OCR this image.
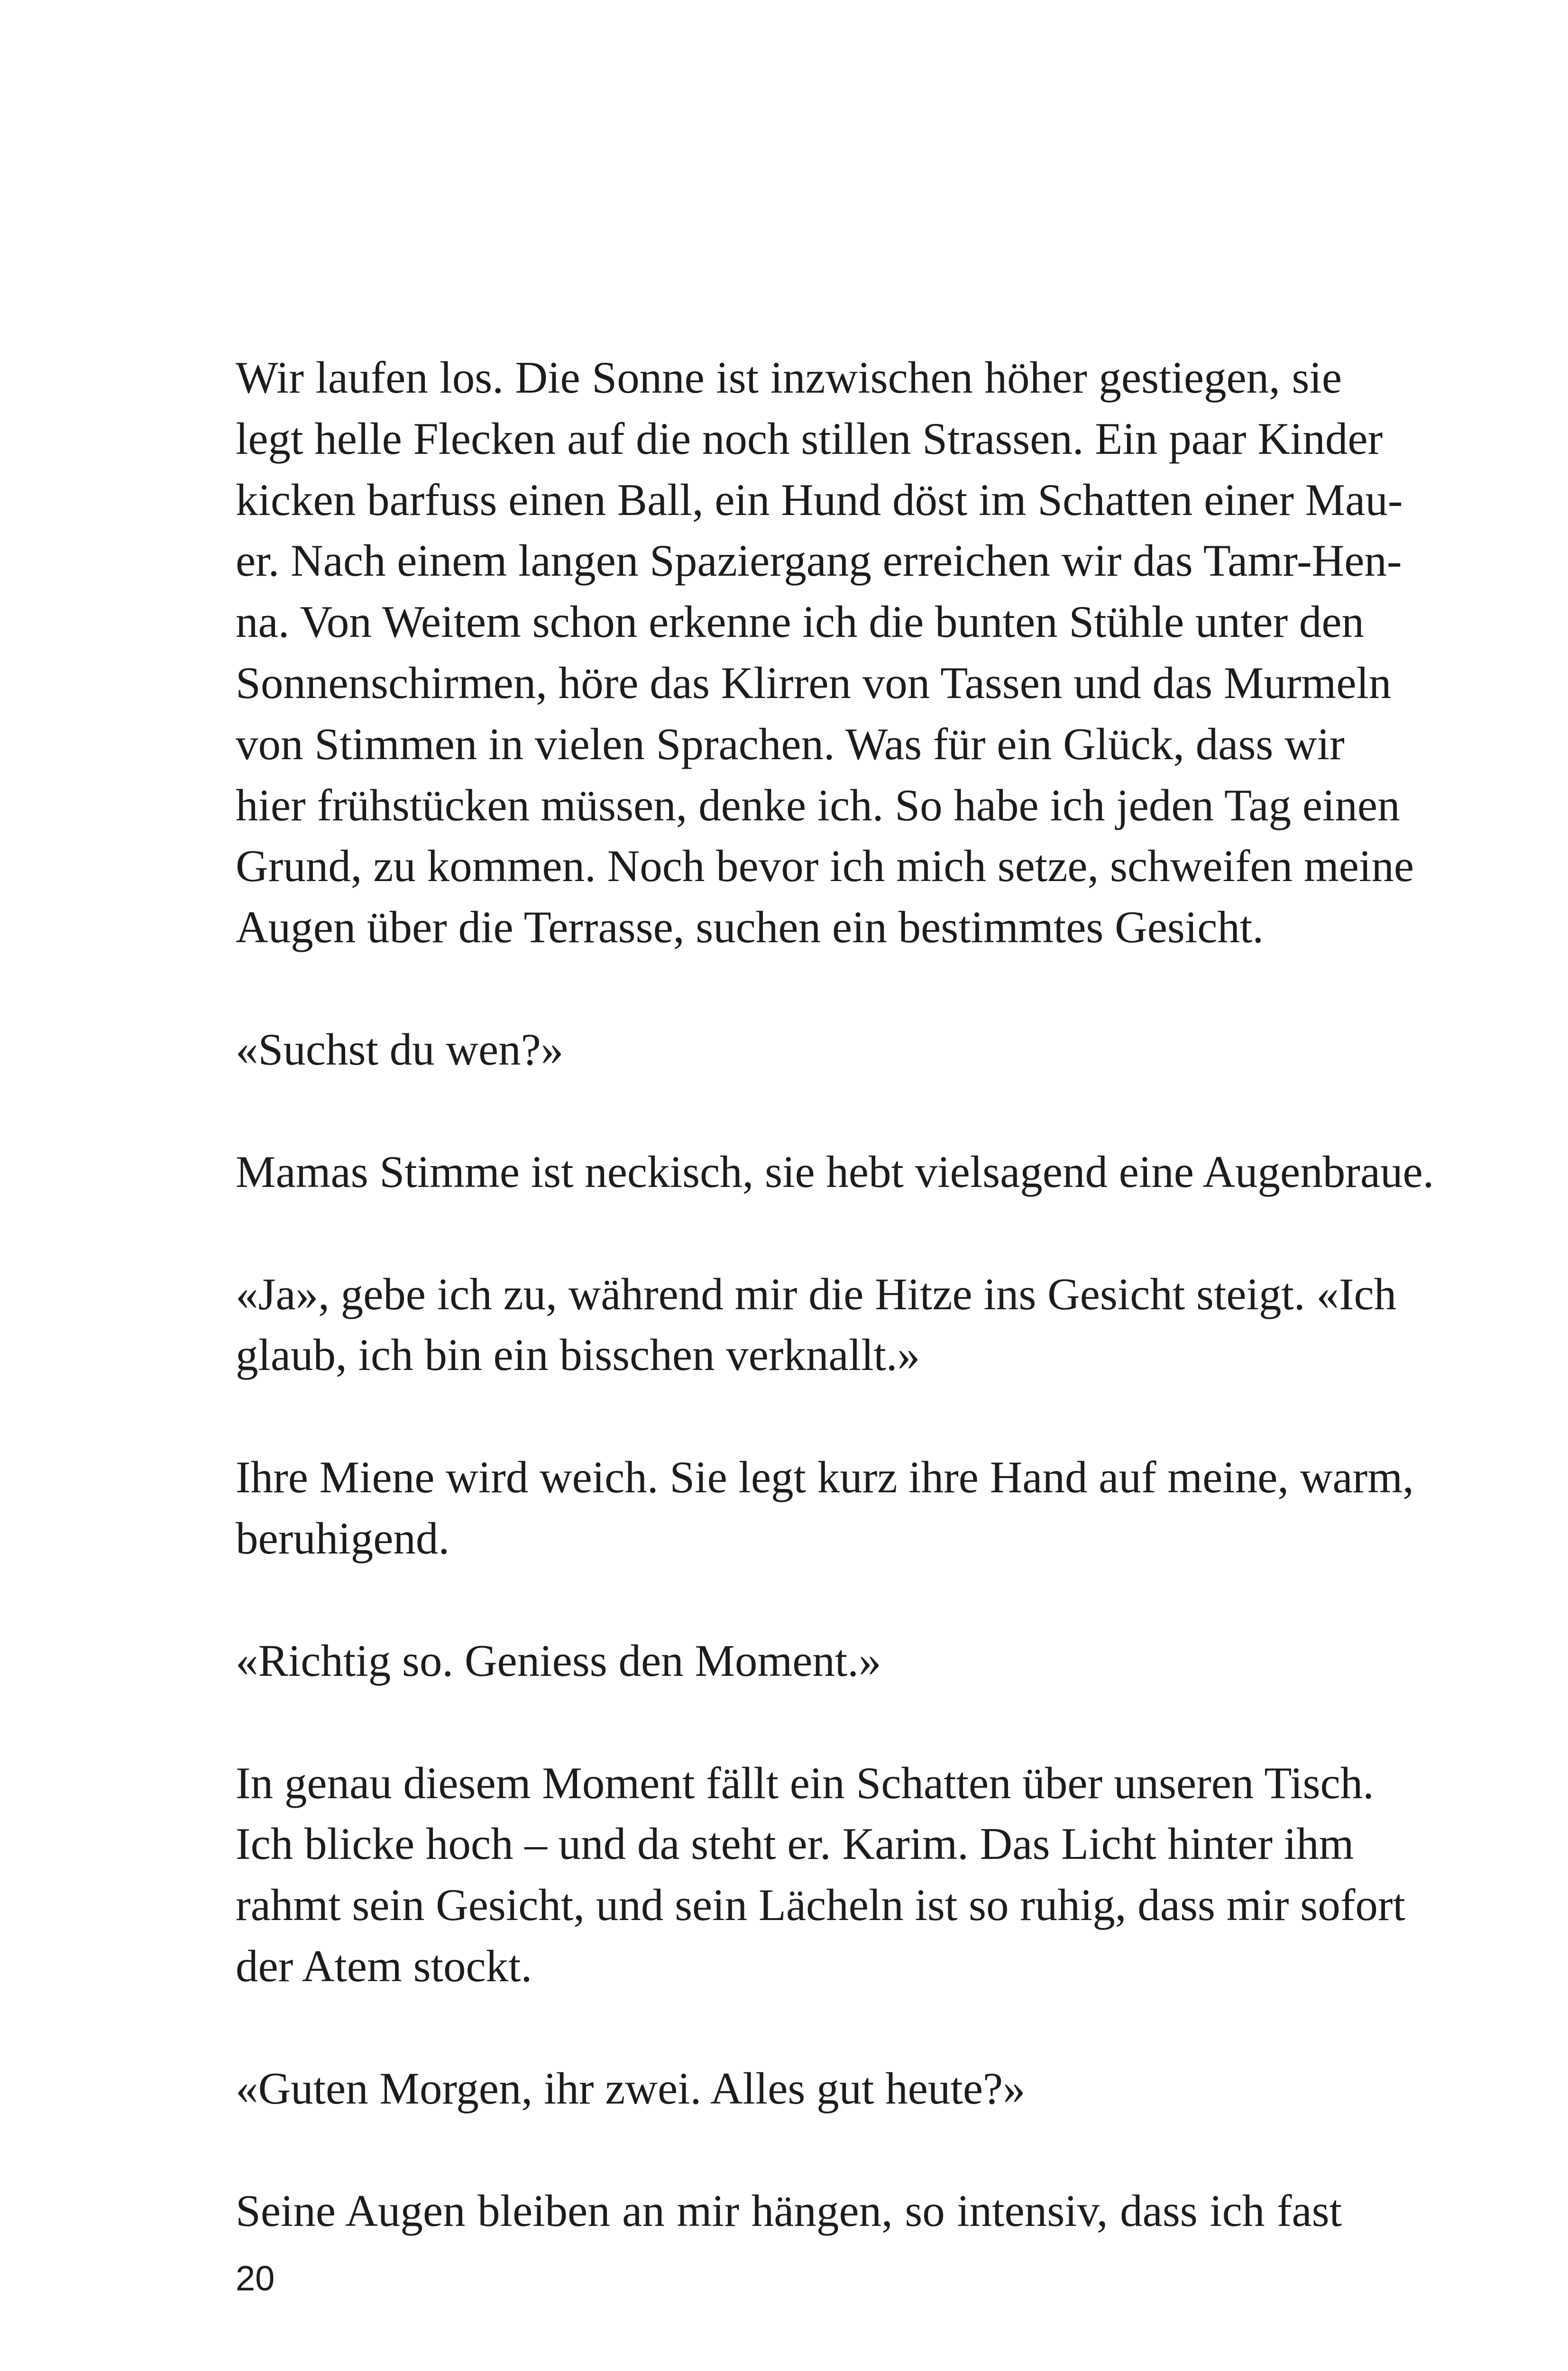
Wir laufen los. Die Sonne ist inzwischen höher gestiegen, sie
legt helle Flecken auf die noch stillen Strassen. Ein paar Kinder
kicken barfuss einen Ball, ein Hund döst im Schatten einer Mau-
er. Nach einem langen Spaziergang erreichen wir das Tamr-Hen-
na. Von Weitem schon erkenne ich die bunten Stühle unter den
Sonnenschirmen, höre das Klirren von Tassen und das Murmeln
von Stimmen in vielen Sprachen. Was für ein Glück, dass wir
hier frühstücken müssen, denke ich. So habe ich jeden Tag einen
Grund, zu kommen. Noch bevor ich mich setze, schweifen meine
Augen über die Terrasse, suchen ein bestimmtes Gesicht.
«Suchst du wen?»
Mamas Stimme ist neckisch, sie hebt vielsagend eine Augenbraue.
«Ja», gebe ich zu, während mir die Hitze ins Gesicht steigt. «Ich
glaub, ich bin ein bisschen verknallt.»
Ihre Miene wird weich. Sie legt kurz ihre Hand auf meine, warm,
beruhigend.
«Richtig so. Geniess den Moment.»
In genau diesem Moment fällt ein Schatten über unseren Tisch.
Ich blicke hoch – und da steht er. Karim. Das Licht hinter ihm
rahmt sein Gesicht, und sein Lächeln ist so ruhig, dass mir sofort
der Atem stockt.
«Guten Morgen, ihr zwei. Alles gut heute?»
Seine Augen bleiben an mir hängen, so intensiv, dass ich fast
20
